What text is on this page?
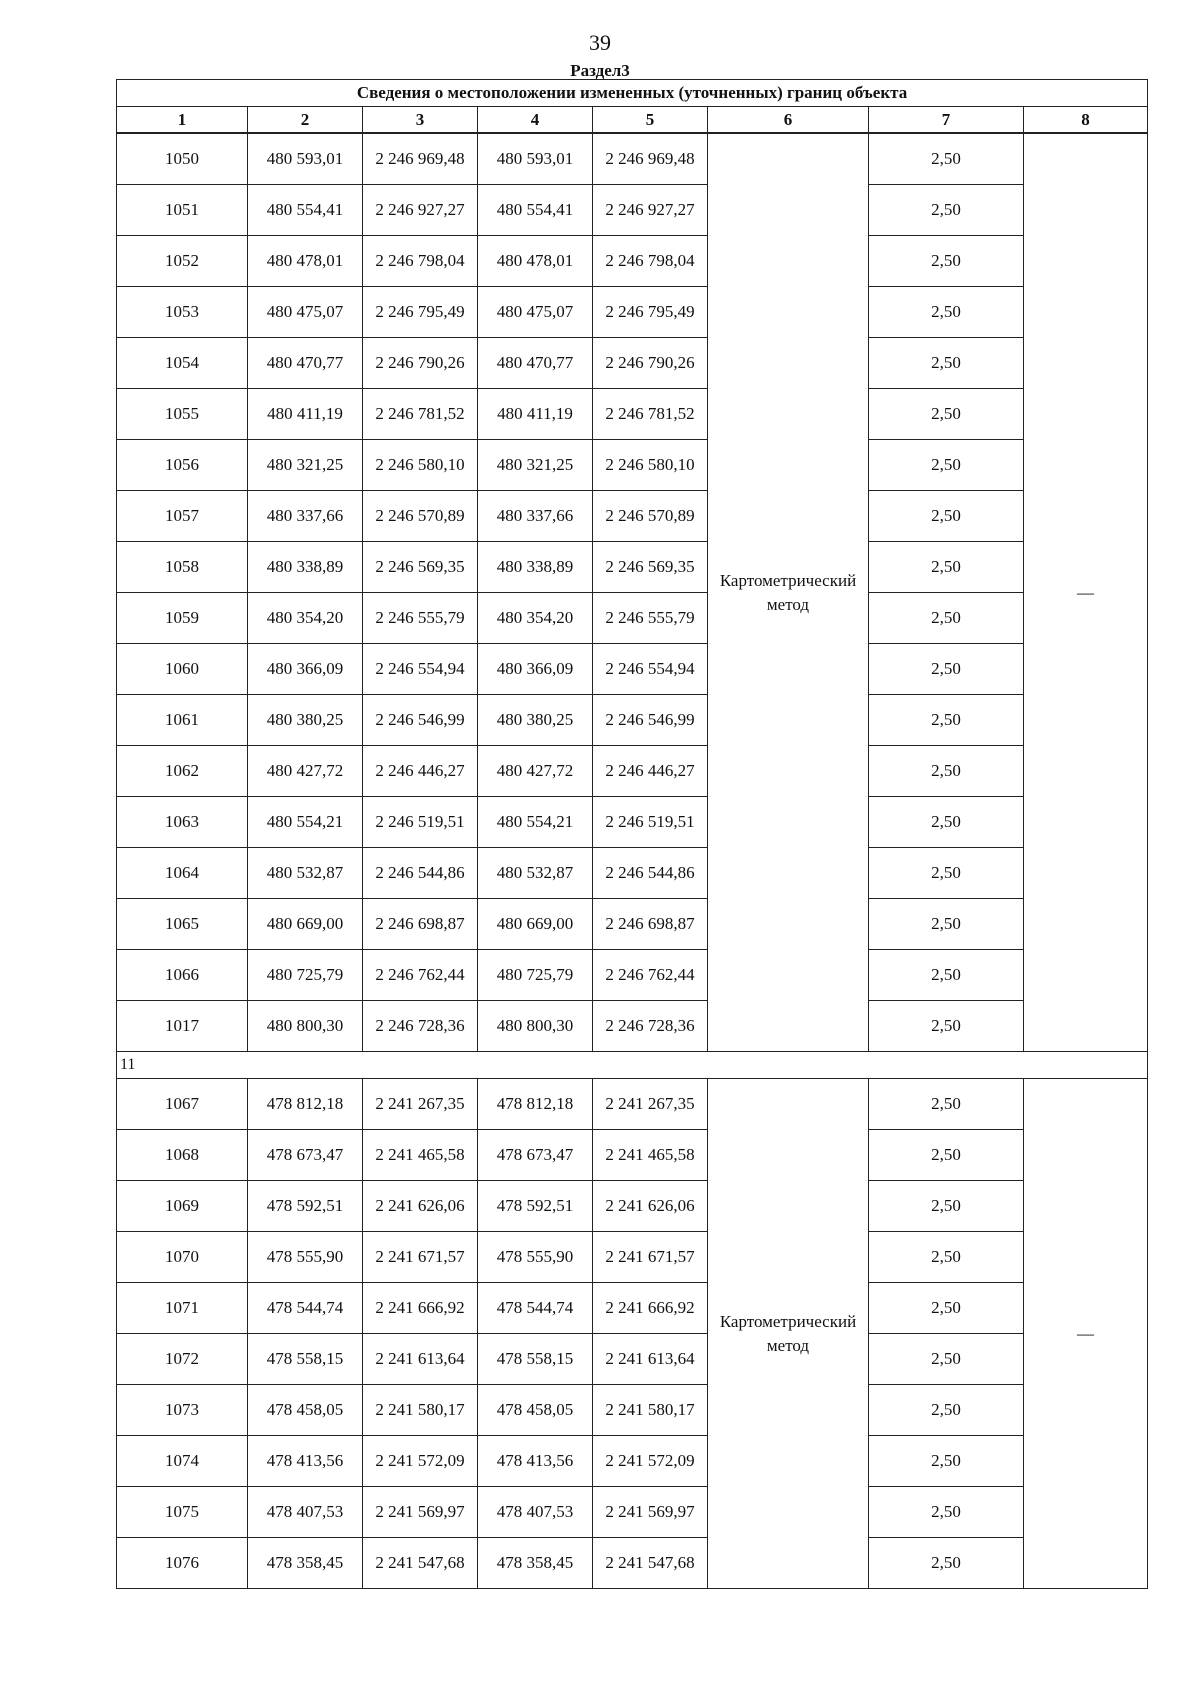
39
Раздел3
Сведения о местоположении измененных (уточненных) границ объекта							
1	2	3	4	5	6	7	8
1050	480 593,01	2 246 969,48	480 593,01	2 246 969,48	Картометрический метод	2,50	—
1051	480 554,41	2 246 927,27	480 554,41	2 246 927,27		2,50	
1052	480 478,01	2 246 798,04	480 478,01	2 246 798,04		2,50	
1053	480 475,07	2 246 795,49	480 475,07	2 246 795,49		2,50	
1054	480 470,77	2 246 790,26	480 470,77	2 246 790,26		2,50	
1055	480 411,19	2 246 781,52	480 411,19	2 246 781,52		2,50	
1056	480 321,25	2 246 580,10	480 321,25	2 246 580,10		2,50	
1057	480 337,66	2 246 570,89	480 337,66	2 246 570,89		2,50	
1058	480 338,89	2 246 569,35	480 338,89	2 246 569,35		2,50	
1059	480 354,20	2 246 555,79	480 354,20	2 246 555,79		2,50	
1060	480 366,09	2 246 554,94	480 366,09	2 246 554,94		2,50	
1061	480 380,25	2 246 546,99	480 380,25	2 246 546,99		2,50	
1062	480 427,72	2 246 446,27	480 427,72	2 246 446,27		2,50	
1063	480 554,21	2 246 519,51	480 554,21	2 246 519,51		2,50	
1064	480 532,87	2 246 544,86	480 532,87	2 246 544,86		2,50	
1065	480 669,00	2 246 698,87	480 669,00	2 246 698,87		2,50	
1066	480 725,79	2 246 762,44	480 725,79	2 246 762,44		2,50	
1017	480 800,30	2 246 728,36	480 800,30	2 246 728,36		2,50	
11							
1067	478 812,18	2 241 267,35	478 812,18	2 241 267,35	Картометрический метод	2,50	—
1068	478 673,47	2 241 465,58	478 673,47	2 241 465,58		2,50	
1069	478 592,51	2 241 626,06	478 592,51	2 241 626,06		2,50	
1070	478 555,90	2 241 671,57	478 555,90	2 241 671,57		2,50	
1071	478 544,74	2 241 666,92	478 544,74	2 241 666,92		2,50	
1072	478 558,15	2 241 613,64	478 558,15	2 241 613,64		2,50	
1073	478 458,05	2 241 580,17	478 458,05	2 241 580,17		2,50	
1074	478 413,56	2 241 572,09	478 413,56	2 241 572,09		2,50	
1075	478 407,53	2 241 569,97	478 407,53	2 241 569,97		2,50	
1076	478 358,45	2 241 547,68	478 358,45	2 241 547,68		2,50	
